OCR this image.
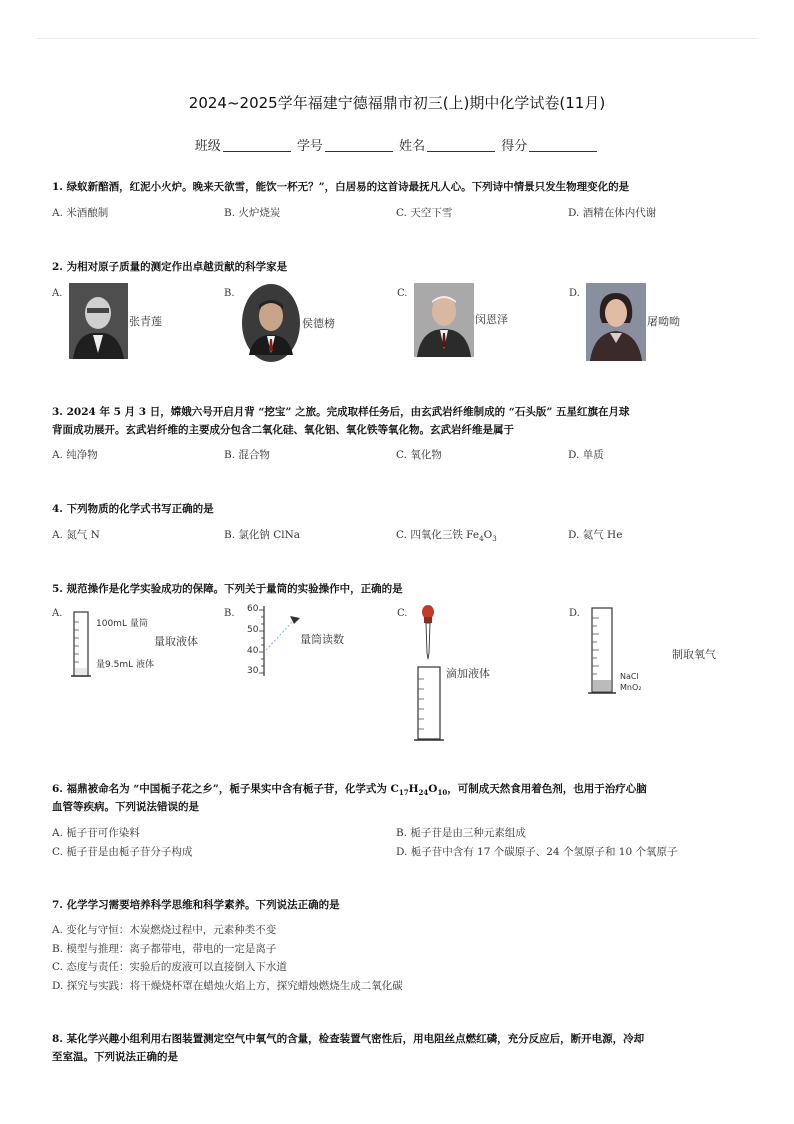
2024~2025学年福建宁德福鼎市初三(上)期中化学试卷(11月)
班级	学号	姓名	得分
1. 绿蚁新醅酒，红泥小火炉。晚来天欲雪，能饮一杯无？”，白居易的这首诗最抚凡人心。下列诗中情景只发生物理变化的是
A. 米酒酿制	B. 火炉烧炭	C. 天空下雪	D. 酒精在体内代谢
2. 为相对原子质量的测定作出卓越贡献的科学家是
A.
张青莲
B.
侯德榜
C.
闵恩泽
D.
屠呦呦
3. 2024 年 5 月 3 日，嫦娥六号开启月背 “挖宝” 之旅。完成取样任务后，由玄武岩纤维制成的 “石头版” 五星红旗在月球
背面成功展开。玄武岩纤维的主要成分包含二氧化硅、氧化铝、氧化铁等氧化物。玄武岩纤维是属于
A. 纯净物	B. 混合物	C. 氧化物	D. 单质
4. 下列物质的化学式书写正确的是
A. 氮气 N	B. 氯化钠 ClNa	C. 四氧化三铁 $Fe_4O_3$	D. 氦气 He
5. 规范操作是化学实验成功的保障。下列关于量筒的实验操作中，正确的是
A.
100mL 量筒
量9.5mL 液体
量取液体
B. 60
50
40
30
量筒读数
C.
滴加液体
D.
NaCl
MnO₂
制取氧气
6. 福鼎被命名为 “中国栀子花之乡”，栀子果实中含有栀子苷，化学式为 $C_{17}H_{24}O_{10}$，可制成天然食用着色剂，也用于治疗心脑
血管等疾病。下列说法错误的是
A. 栀子苷可作染料	B. 栀子苷是由三种元素组成
C. 栀子苷是由栀子苷分子构成	D. 栀子苷中含有 17 个碳原子、24 个氢原子和 10 个氧原子
7. 化学学习需要培养科学思维和科学素养。下列说法正确的是
A. 变化与守恒：木炭燃烧过程中，元素种类不变
B. 模型与推理：离子都带电，带电的一定是离子
C. 态度与责任：实验后的废液可以直接倒入下水道
D. 探究与实践：将干燥烧杯罩在蜡烛火焰上方，探究蜡烛燃烧生成二氧化碳
8. 某化学兴趣小组利用右图装置测定空气中氧气的含量，检查装置气密性后，用电阻丝点燃红磷，充分反应后，断开电源，冷却
至室温。下列说法正确的是
